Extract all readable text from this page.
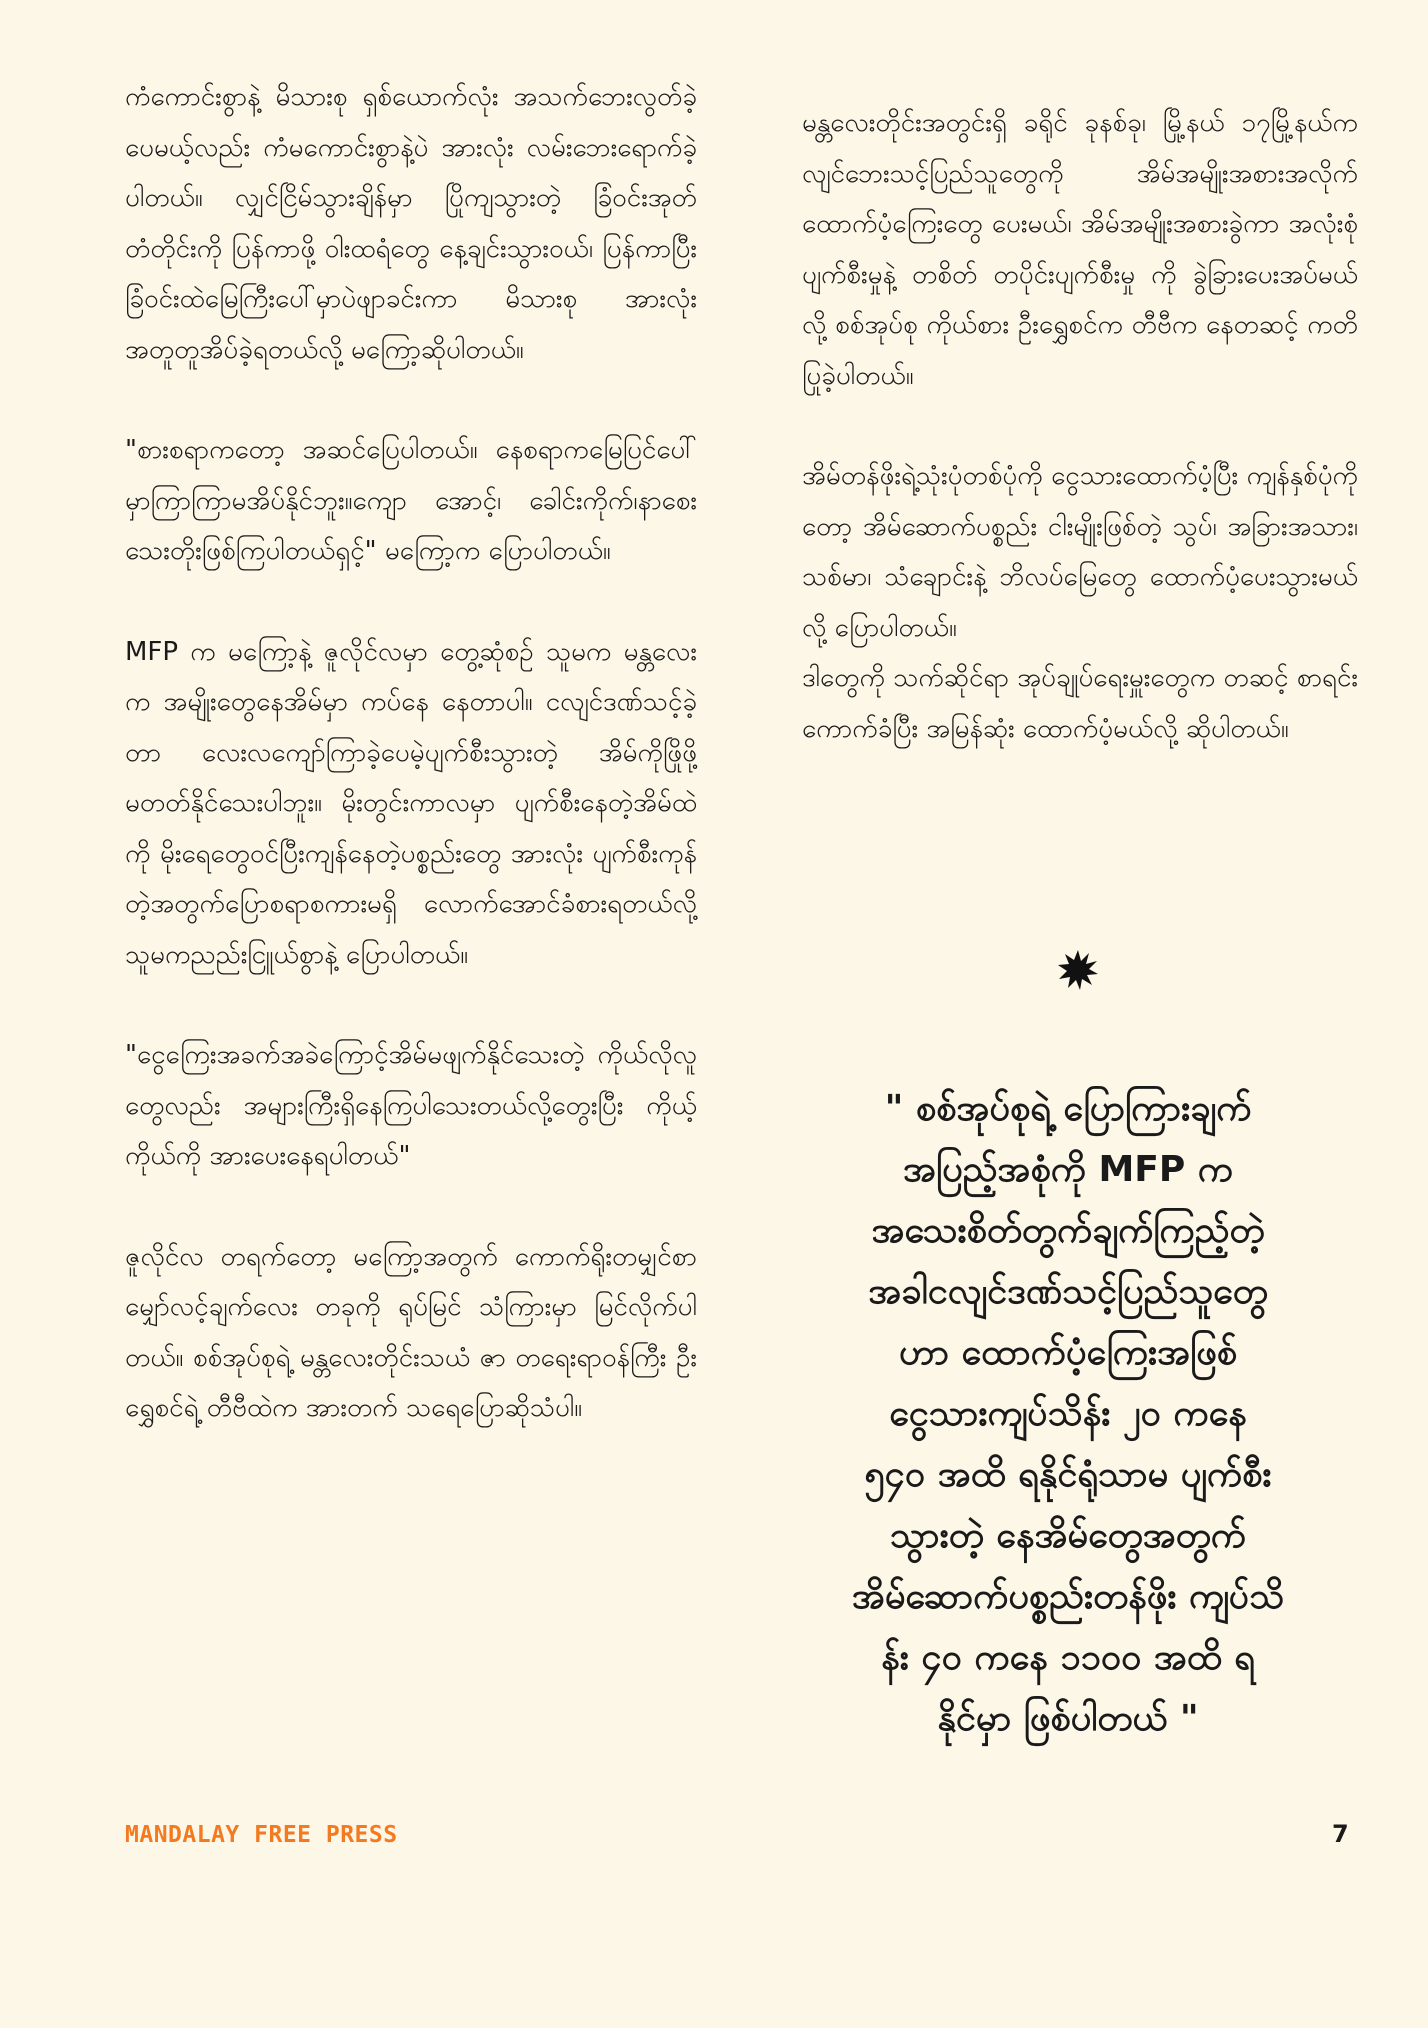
ကံကောင်းစွာနဲ့ မိသားစု ရှစ်ယောက်လုံး အသက်ဘေးလွတ်ခဲ့ပေမယ့်လည်း ကံမကောင်းစွာနဲ့ပဲ အားလုံး လမ်းဘေးရောက်ခဲ့ပါတယ်။ လျှင်ငြိမ်သွားချိန်မှာ ပြိုကျသွားတဲ့ ခြံဝင်းအုတ်တံတိုင်းကို ပြန်ကာဖို့ ဝါးထရံတွေ နေ့ချင်းသွားဝယ်၊ ပြန်ကာပြီး ခြံဝင်းထဲမြေကြီးပေါ်မှာပဲဖျာခင်းကာ မိသားစု အားလုံး အတူတူအိပ်ခဲ့ရတယ်လို့ မကြော့ဆိုပါတယ်။

"စားစရာကတော့ အဆင်ပြေပါတယ်။ နေစရာကမြေပြင်ပေါ်မှာကြာကြာမအိပ်နိုင်ဘူး။ကျော အောင့်၊ ခေါင်းကိုက်၊နာစေး သေးတိုးဖြစ်ကြပါတယ်ရှင့်" မကြော့က ပြောပါတယ်။

MFP က မကြော့နဲ့ ဇူလိုင်လမှာ တွေ့ဆုံစဉ် သူမက မန္တလေးက အမျိုးတွေနေအိမ်မှာ ကပ်နေ နေတာပါ။ ငလျင်ဒဏ်သင့်ခဲ့တာ လေးလကျော်ကြာခဲ့ပေမဲ့ပျက်စီးသွားတဲ့ အိမ်ကိုဖြိုဖို့မတတ်နိုင်သေးပါဘူး။ မိုးတွင်းကာလမှာ ပျက်စီးနေတဲ့အိမ်ထဲကို မိုးရေတွေဝင်ပြီးကျန်နေတဲ့ပစ္စည်းတွေ အားလုံး ပျက်စီးကုန်တဲ့အတွက်ပြောစရာစကားမရှိ လောက်အောင်ခံစားရတယ်လို့ သူမကညည်းငြူယ်စွာနဲ့ ပြောပါတယ်။

"ငွေကြေးအခက်အခဲကြောင့်အိမ်မဖျက်နိုင်သေးတဲ့ ကိုယ်လိုလူတွေလည်း အများကြီးရှိနေကြပါသေးတယ်လို့တွေးပြီး ကိုယ့်ကိုယ်ကို အားပေးနေရပါတယ်"

ဇူလိုင်လ တရက်တော့ မကြော့အတွက် ကောက်ရိုးတမျှင်စာမျှော်လင့်ချက်လေး တခုကို ရုပ်မြင် သံကြားမှာ မြင်လိုက်ပါတယ်။ စစ်အုပ်စုရဲ့ မန္တလေးတိုင်းသယံ ဇာ တရေးရာဝန်ကြီး ဦးရွှေစင်ရဲ့ တီဗီထဲက အားတက် သရေပြောဆိုသံပါ။

မန္တလေးတိုင်းအတွင်းရှိ ခရိုင် ခုနစ်ခု၊ မြို့နယ် ၁၇မြို့နယ်က လျင်ဘေးသင့်ပြည်သူတွေကို အိမ်အမျိုးအစားအလိုက် ထောက်ပံ့ကြေးတွေ ပေးမယ်၊ အိမ်အမျိုးအစားခွဲကာ အလုံးစုံပျက်စီးမှုနဲ့ တစိတ် တပိုင်းပျက်စီးမှု ကို ခွဲခြားပေးအပ်မယ် လို့ စစ်အုပ်စု ကိုယ်စား ဦးရွှေစင်က တီဗီက နေတဆင့် ကတိပြုခဲ့ပါတယ်။

အိမ်တန်ဖိုးရဲ့သုံးပုံတစ်ပုံကို ငွေသားထောက်ပံ့ပြီး ကျန်နှစ်ပုံကိုတော့ အိမ်ဆောက်ပစ္စည်း ငါးမျိုးဖြစ်တဲ့ သွပ်၊ အခြားအသား၊ သစ်မာ၊ သံချောင်းနဲ့ ဘိလပ်မြေတွေ ထောက်ပံ့ပေးသွားမယ်လို့ ပြောပါတယ်။

ဒါတွေကို သက်ဆိုင်ရာ အုပ်ချုပ်ရေးမှူးတွေက တဆင့် စာရင်းကောက်ခံပြီး အမြန်ဆုံး ထောက်ပံ့မယ်လို့ ဆိုပါတယ်။

" စစ်အုပ်စုရဲ့ ပြောကြားချက်
အပြည့်အစုံကို MFP က
အသေးစိတ်တွက်ချက်ကြည့်တဲ့
အခါငလျင်ဒဏ်သင့်ပြည်သူတွေ
ဟာ ထောက်ပံ့ကြေးအဖြစ်
ငွေသားကျပ်သိန်း ၂၀ ကနေ
၅၄၀ အထိ ရနိုင်ရုံသာမ ပျက်စီး
သွားတဲ့ နေအိမ်တွေအတွက်
အိမ်ဆောက်ပစ္စည်းတန်ဖိုး ကျပ်သိ
န်း ၄၀ ကနေ ၁၁၀၀ အထိ ရ
နိုင်မှာ ဖြစ်ပါတယ် "
MANDALAY FREE PRESS	7
